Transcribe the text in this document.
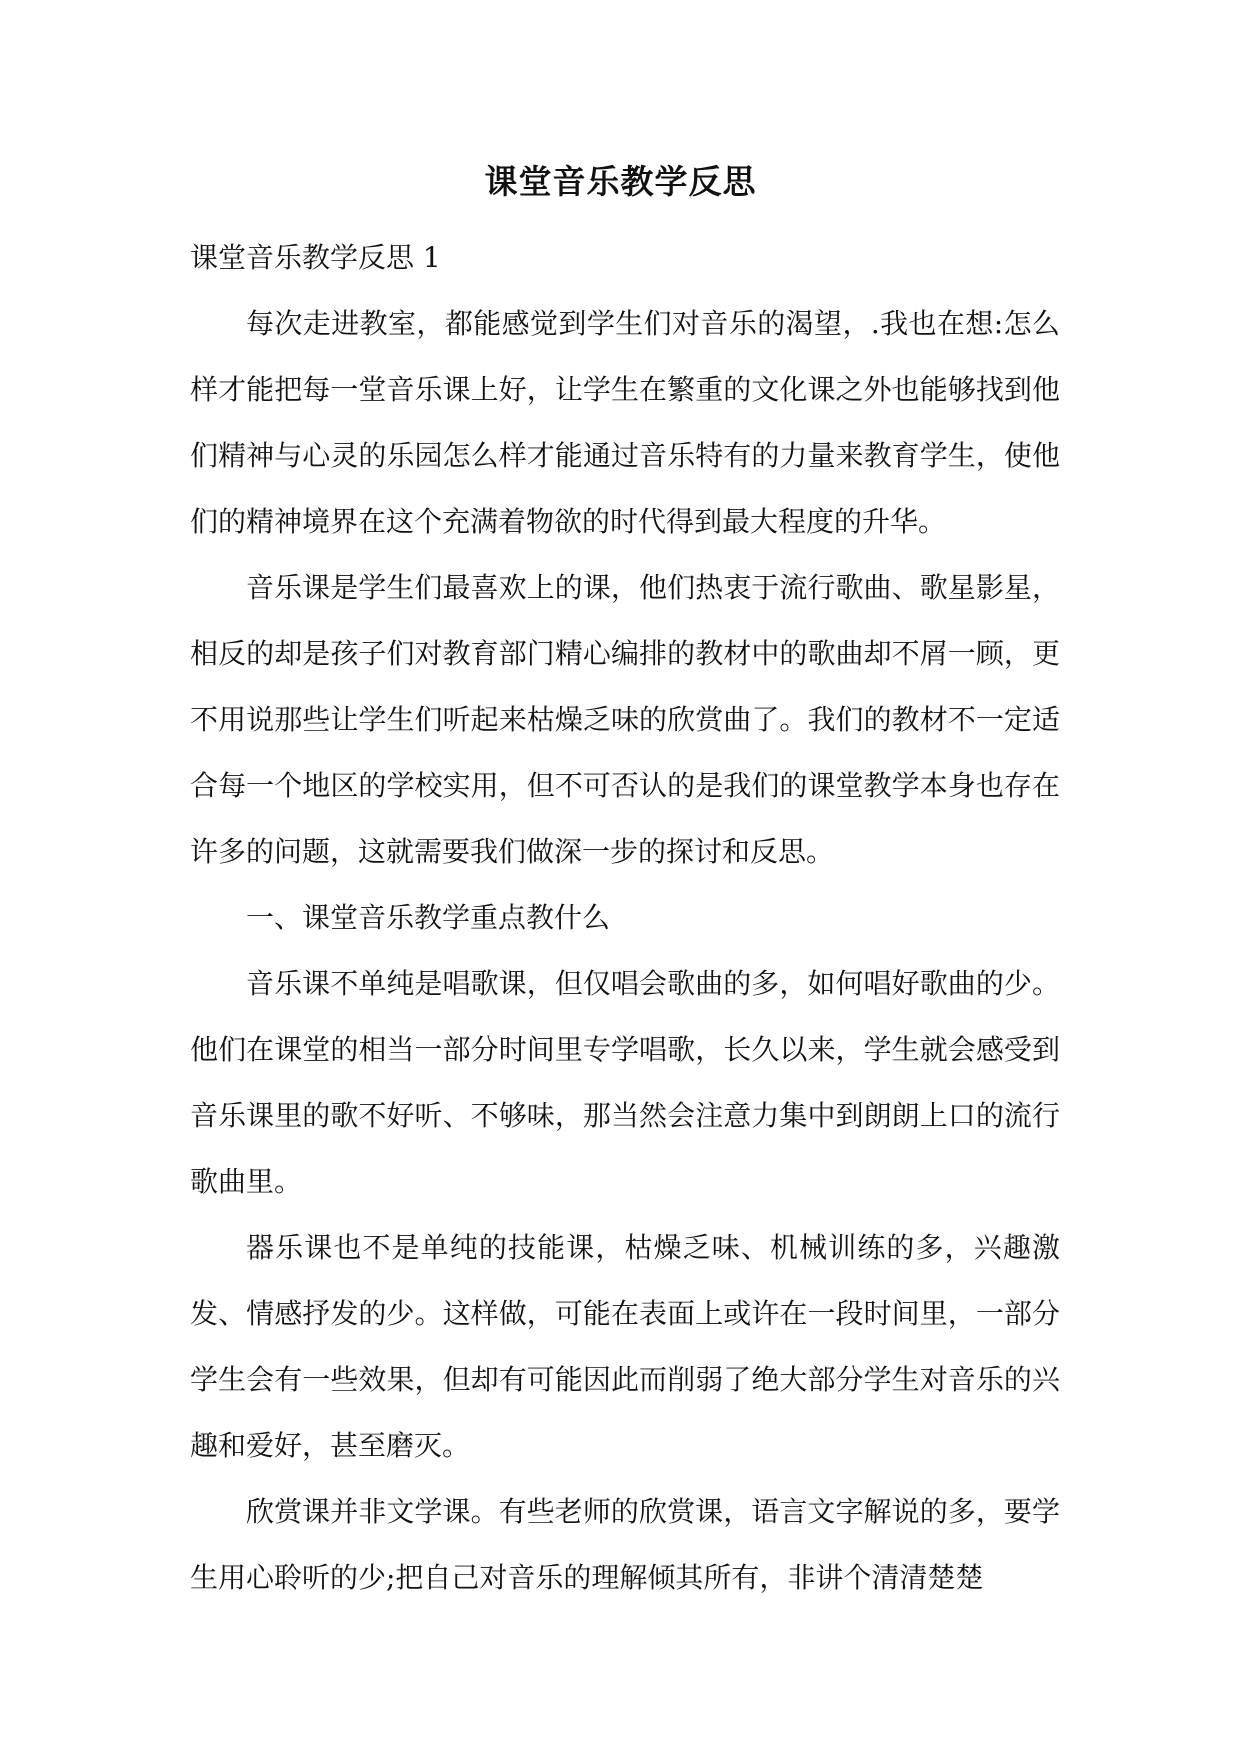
课堂音乐教学反思

课堂音乐教学反思 1

每次走进教室，都能感觉到学生们对音乐的渴望，.我也在想:怎么样才能把每一堂音乐课上好，让学生在繁重的文化课之外也能够找到他们精神与心灵的乐园怎么样才能通过音乐特有的力量来教育学生，使他们的精神境界在这个充满着物欲的时代得到最大程度的升华。

音乐课是学生们最喜欢上的课，他们热衷于流行歌曲、歌星影星，相反的却是孩子们对教育部门精心编排的教材中的歌曲却不屑一顾，更不用说那些让学生们听起来枯燥乏味的欣赏曲了。我们的教材不一定适合每一个地区的学校实用，但不可否认的是我们的课堂教学本身也存在许多的问题，这就需要我们做深一步的探讨和反思。

一、课堂音乐教学重点教什么

音乐课不单纯是唱歌课，但仅唱会歌曲的多，如何唱好歌曲的少。他们在课堂的相当一部分时间里专学唱歌，长久以来，学生就会感受到音乐课里的歌不好听、不够味，那当然会注意力集中到朗朗上口的流行歌曲里。

器乐课也不是单纯的技能课，枯燥乏味、机械训练的多，兴趣激发、情感抒发的少。这样做，可能在表面上或许在一段时间里，一部分学生会有一些效果，但却有可能因此而削弱了绝大部分学生对音乐的兴趣和爱好，甚至磨灭。

欣赏课并非文学课。有些老师的欣赏课，语言文字解说的多，要学生用心聆听的少;把自己对音乐的理解倾其所有，非讲个清清楚楚
